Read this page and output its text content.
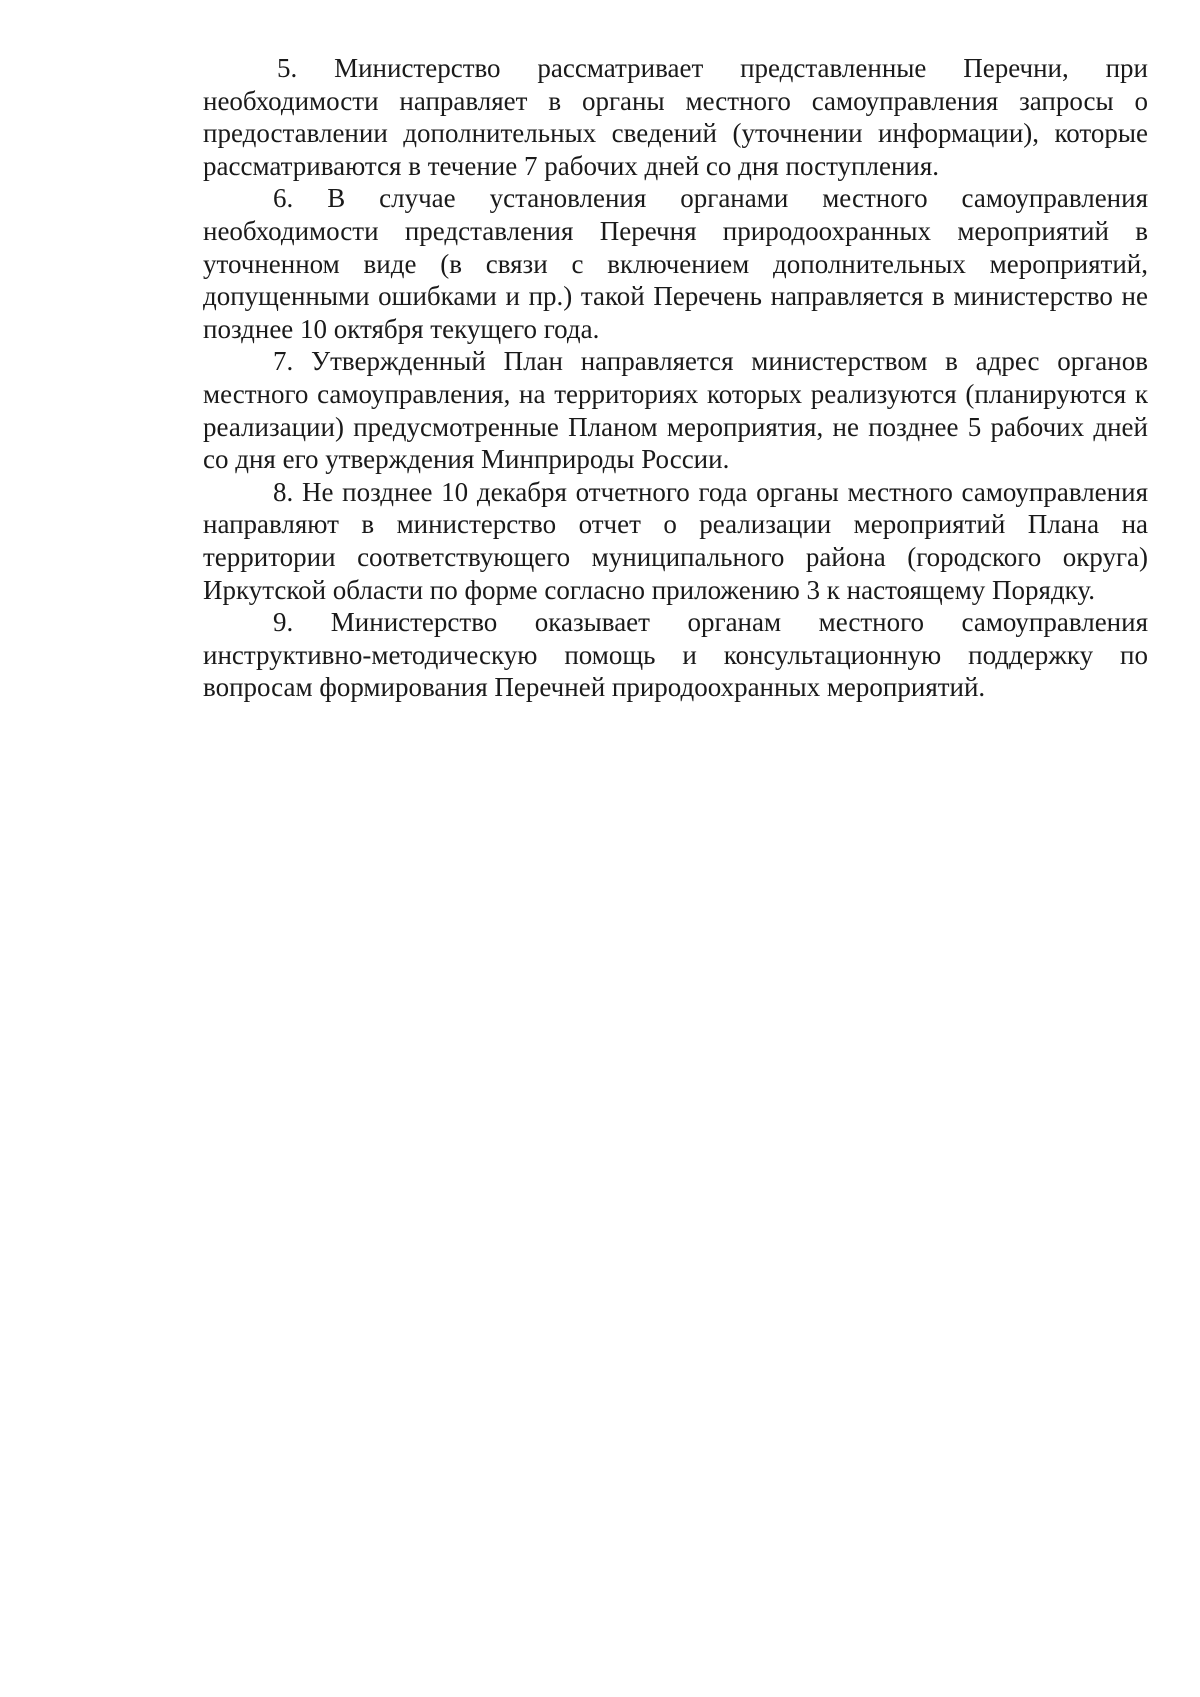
5. Министерство рассматривает представленные Перечни, при необходимости направляет в органы местного самоуправления запросы о предоставлении дополнительных сведений (уточнении информации), которые рассматриваются в течение 7 рабочих дней со дня поступления.

6. В случае установления органами местного самоуправления необходимости представления Перечня природоохранных мероприятий в уточненном виде (в связи с включением дополнительных мероприятий, допущенными ошибками и пр.) такой Перечень направляется в министерство не позднее 10 октября текущего года.

7. Утвержденный План направляется министерством в адрес органов местного самоуправления, на территориях которых реализуются (планируются к реализации) предусмотренные Планом мероприятия, не позднее 5 рабочих дней со дня его утверждения Минприроды России.

8. Не позднее 10 декабря отчетного года органы местного самоуправления направляют в министерство отчет о реализации мероприятий Плана на территории соответствующего муниципального района (городского округа) Иркутской области по форме согласно приложению 3 к настоящему Порядку.

9. Министерство оказывает органам местного самоуправления инструктивно-методическую помощь и консультационную поддержку по вопросам формирования Перечней природоохранных мероприятий.
